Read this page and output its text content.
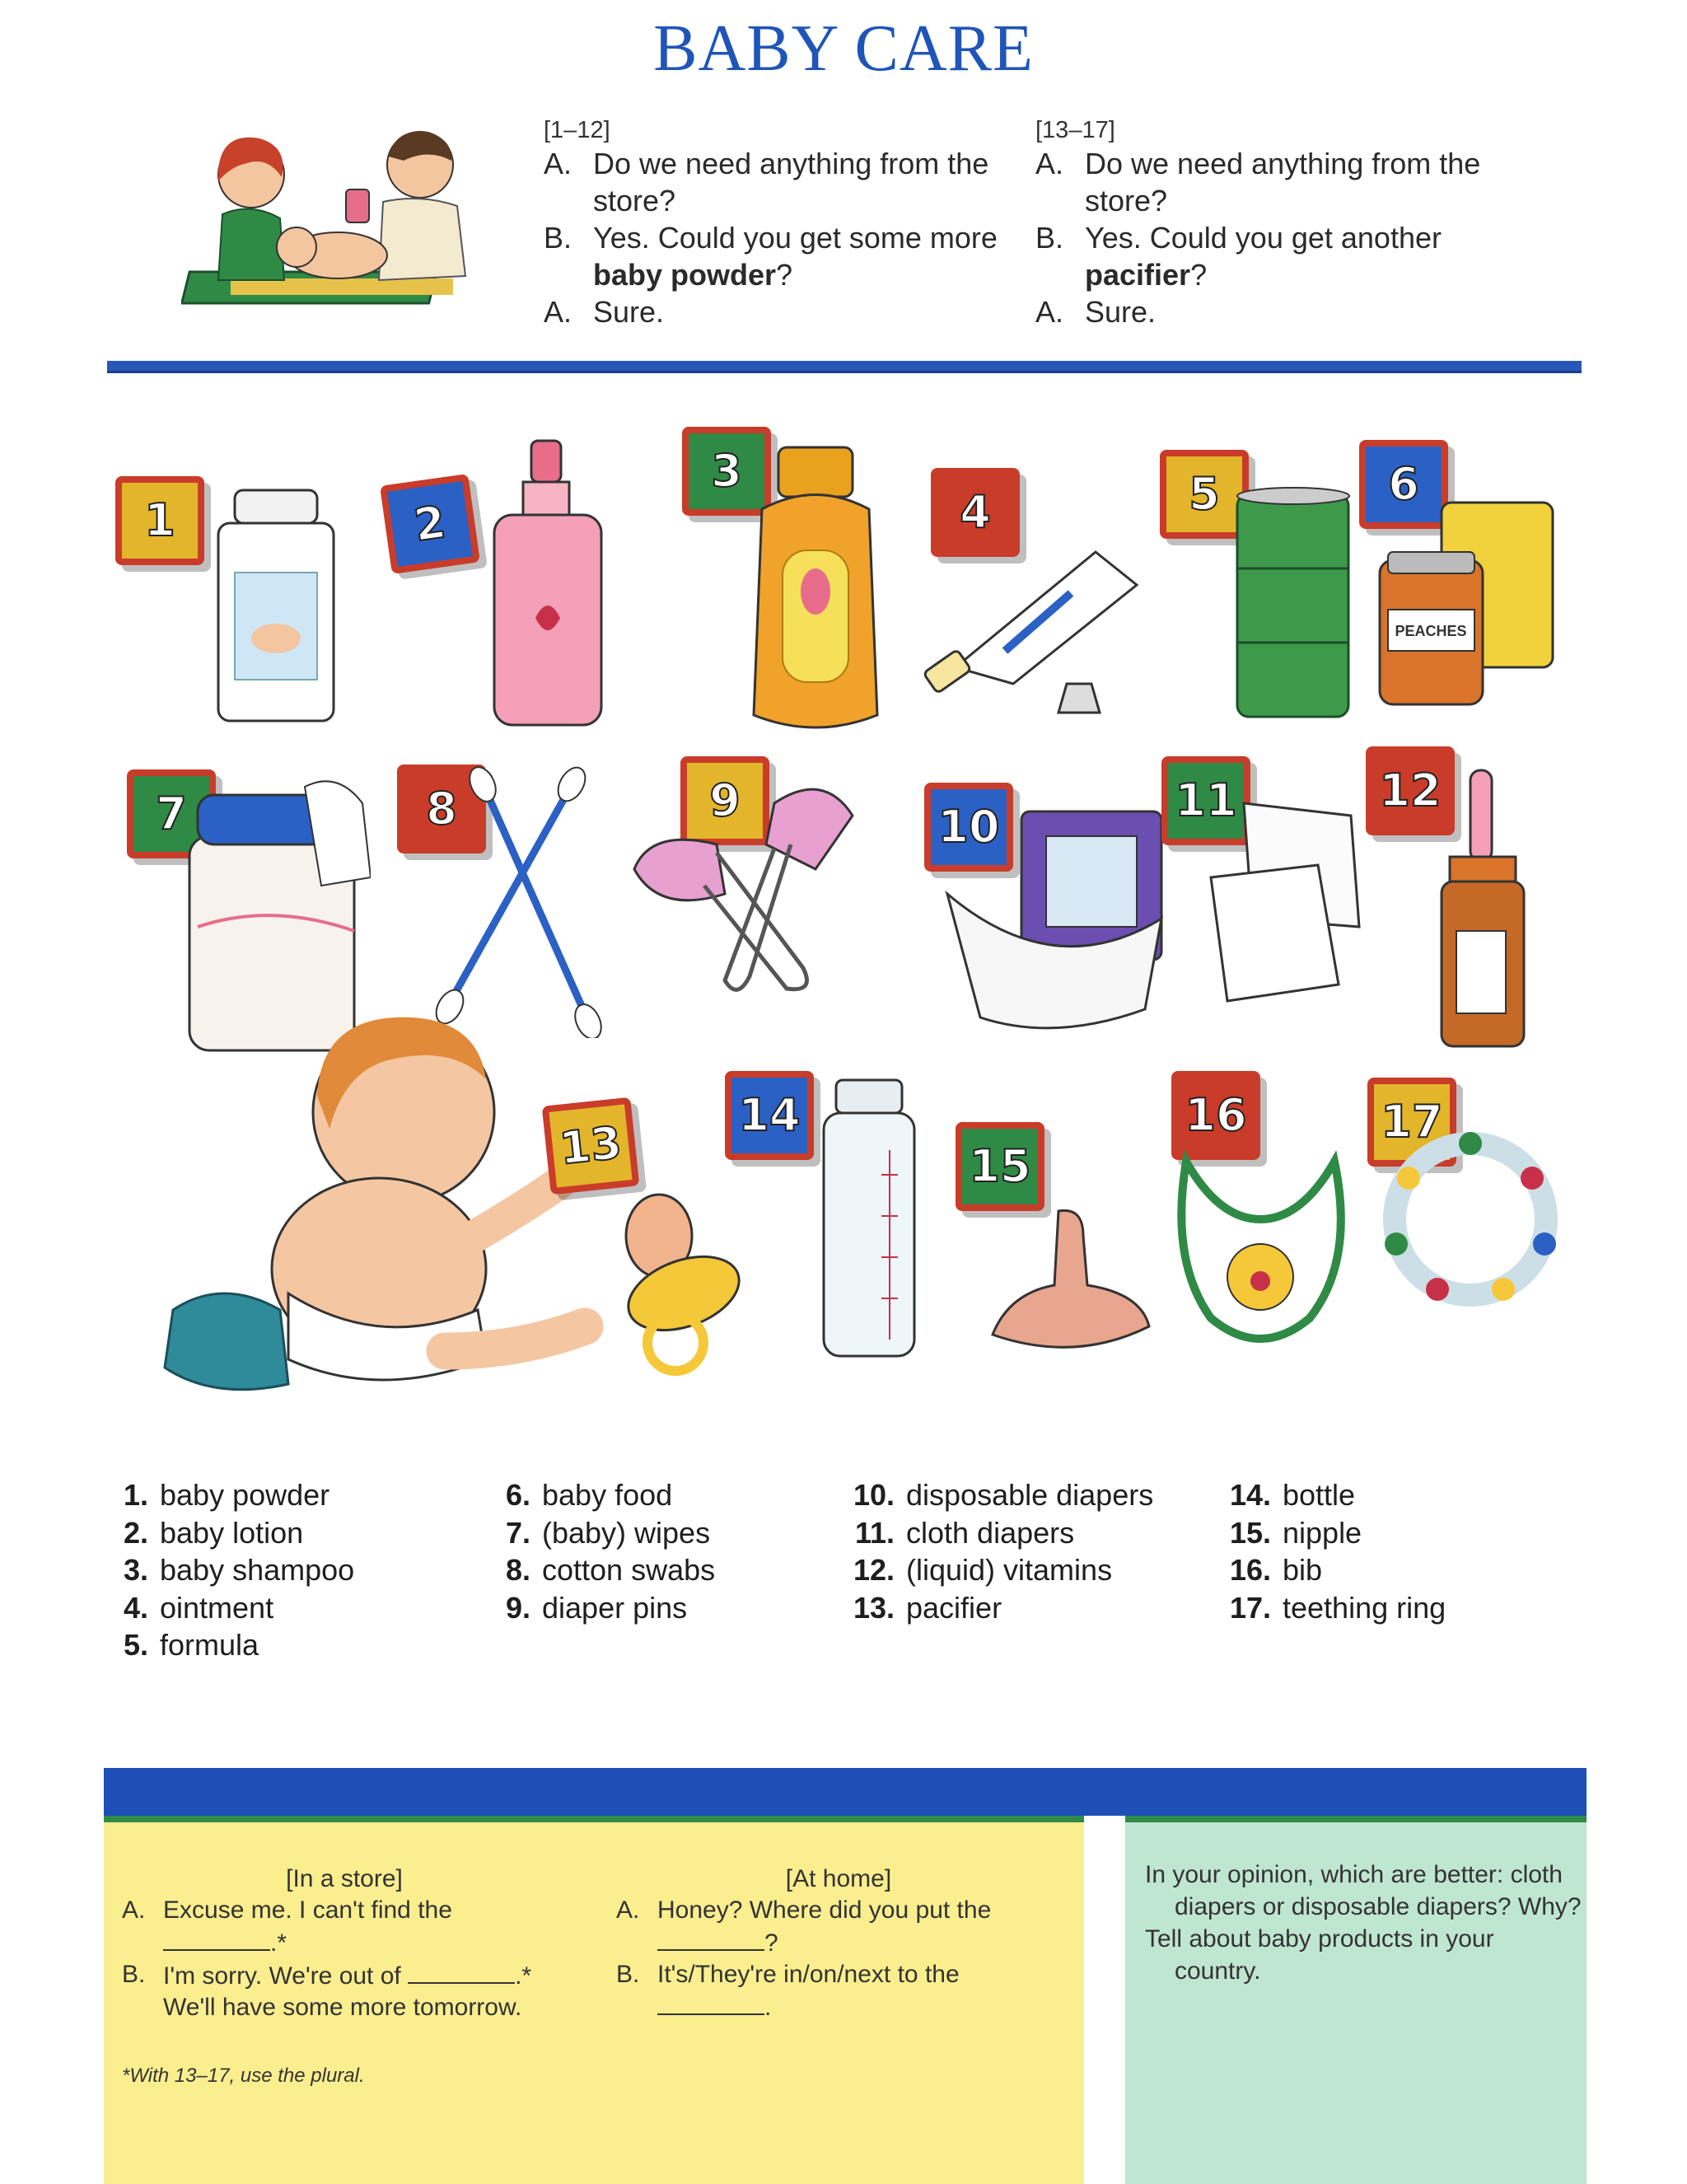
BABY CARE
[1–12]
A. Do we need anything from the store?
B. Yes. Could you get some more baby powder?
A. Sure.
[13–17]
A. Do we need anything from the store?
B. Yes. Could you get another pacifier?
A. Sure.
1	2
3
4	5	6
PEACHES
7	8	9
10
11	12
13
14
15
16	17
1. baby powder
2. baby lotion
3. baby shampoo
4. ointment
5. formula
6. baby food
7. (baby) wipes
8. cotton swabs
9. diaper pins
10. disposable diapers
11. cloth diapers
12. (liquid) vitamins
13. pacifier
14. bottle
15. nipple
16. bib
17. teething ring
[In a store]
A. Excuse me. I can't find the
.*
B. I'm sorry. We're out of	.*
We'll have some more tomorrow.
[At home]
A. Honey? Where did you put the
?
B. It's/They're in/on/next to the
.
*With 13–17, use the plural.
In your opinion, which are better: cloth diapers or disposable diapers? Why?
Tell about baby products in your country.
